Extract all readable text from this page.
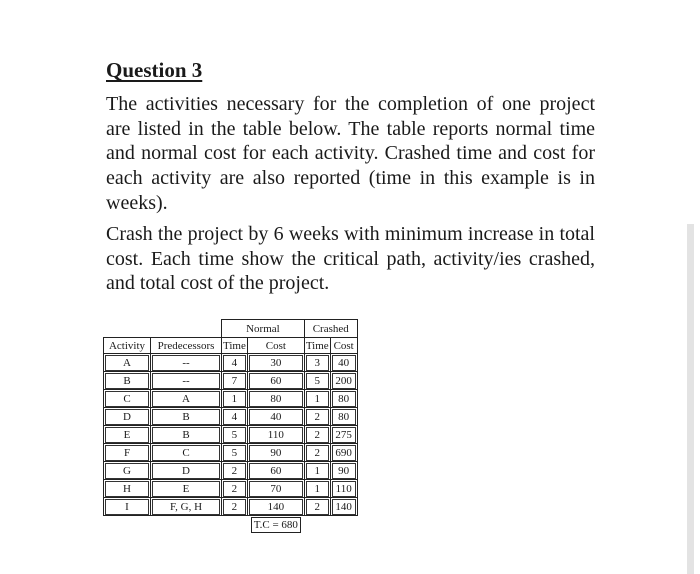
Question 3
The activities necessary for the completion of one project are listed in the table below. The table reports normal time and normal cost for each activity. Crashed time and cost for each activity are also reported (time in this example is in weeks).
Crash the project by 6 weeks with minimum increase in total cost. Each time show the critical path, activity/ies crashed, and total cost of the project.
		Normal		Crashed	
Activity	Predecessors	Time	Cost	Time	Cost

A	--	4	30	3	40

B	--	7	60	5	200

C	A	1	80	1	80

D	B	4	40	2	80

E	B	5	110	2	275

F	C	5	90	2	690

G	D	2	60	1	90

H	E	2	70	1	110

I	F, G, H	2	140	2	140

			T.C = 680		
